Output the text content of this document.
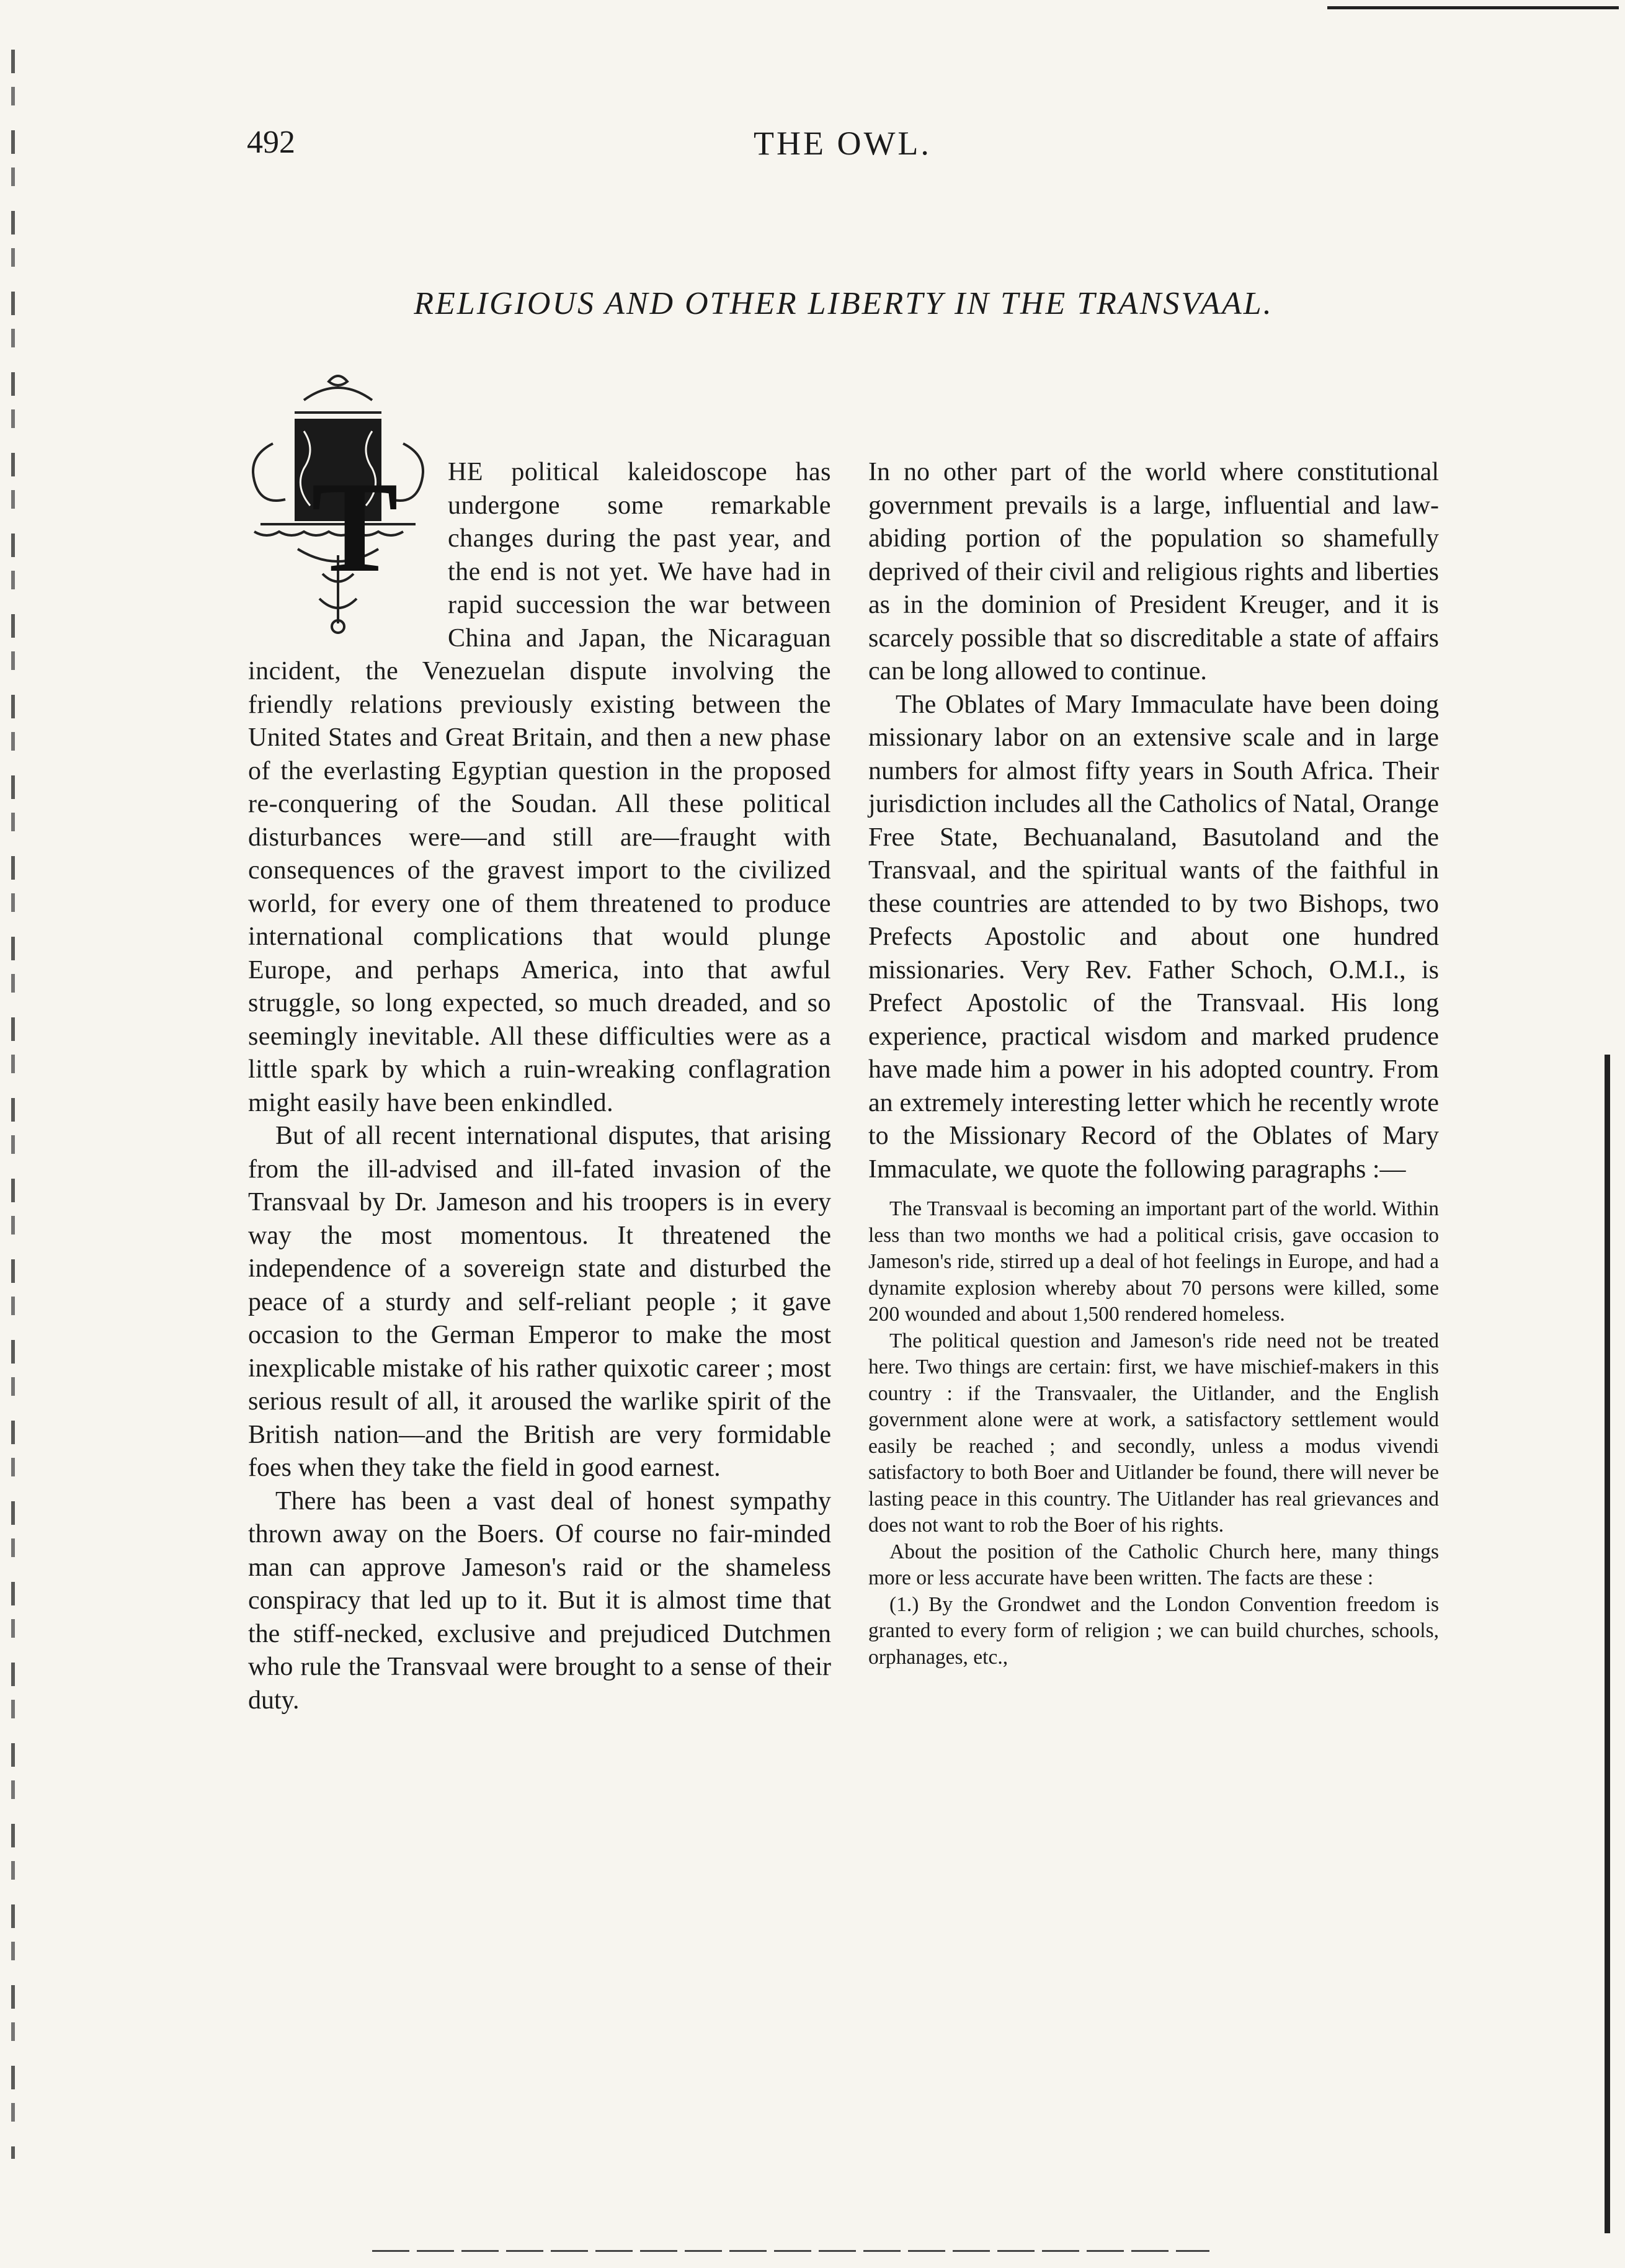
492	THE OWL.
RELIGIOUS AND OTHER LIBERTY IN THE TRANSVAAL.
T	HE political kaleidoscope has undergone some remarkable changes during the past year, and the end is not yet. We have had in rapid succession the war between China and Japan, the Nicaraguan incident, the Venezuelan dispute involving the friendly relations previously existing between the United States and Great Britain, and then a new phase of the everlasting Egyptian question in the proposed re-conquering of the Soudan. All these political disturbances were—and still are—fraught with consequences of the gravest import to the civilized world, for every one of them threatened to produce international complications that would plunge Europe, and perhaps America, into that awful struggle, so long expected, so much dreaded, and so seemingly inevitable. All these difficulties were as a little spark by which a ruin-wreaking conflagration might easily have been enkindled.

But of all recent international disputes, that arising from the ill-advised and ill-fated invasion of the Transvaal by Dr. Jameson and his troopers is in every way the most momentous. It threatened the independence of a sovereign state and disturbed the peace of a sturdy and self-reliant people ; it gave occasion to the German Emperor to make the most inexplicable mistake of his rather quixotic career ; most serious result of all, it aroused the warlike spirit of the British nation—and the British are very formidable foes when they take the field in good earnest.

There has been a vast deal of honest sympathy thrown away on the Boers. Of course no fair-minded man can approve Jameson's raid or the shameless conspiracy that led up to it. But it is almost time that the stiff-necked, exclusive and prejudiced Dutchmen who rule the Transvaal were brought to a sense of their duty.

In no other part of the world where constitutional government prevails is a large, influential and law-abiding portion of the population so shamefully deprived of their civil and religious rights and liberties as in the dominion of President Kreuger, and it is scarcely possible that so discreditable a state of affairs can be long allowed to continue.

The Oblates of Mary Immaculate have been doing missionary labor on an extensive scale and in large numbers for almost fifty years in South Africa. Their jurisdiction includes all the Catholics of Natal, Orange Free State, Bechuanaland, Basutoland and the Transvaal, and the spiritual wants of the faithful in these countries are attended to by two Bishops, two Prefects Apostolic and about one hundred missionaries. Very Rev. Father Schoch, O.M.I., is Prefect Apostolic of the Transvaal. His long experience, practical wisdom and marked prudence have made him a power in his adopted country. From an extremely interesting letter which he recently wrote to the Missionary Record of the Oblates of Mary Immaculate, we quote the following paragraphs :—

The Transvaal is becoming an important part of the world. Within less than two months we had a political crisis, gave occasion to Jameson's ride, stirred up a deal of hot feelings in Europe, and had a dynamite explosion whereby about 70 persons were killed, some 200 wounded and about 1,500 rendered homeless.

The political question and Jameson's ride need not be treated here. Two things are certain: first, we have mischief-makers in this country : if the Transvaaler, the Uitlander, and the English government alone were at work, a satisfactory settlement would easily be reached ; and secondly, unless a modus vivendi satisfactory to both Boer and Uitlander be found, there will never be lasting peace in this country. The Uitlander has real grievances and does not want to rob the Boer of his rights.

About the position of the Catholic Church here, many things more or less accurate have been written. The facts are these :

(1.) By the Grondwet and the London Convention freedom is granted to every form of religion ; we can build churches, schools, orphanages, etc.,
